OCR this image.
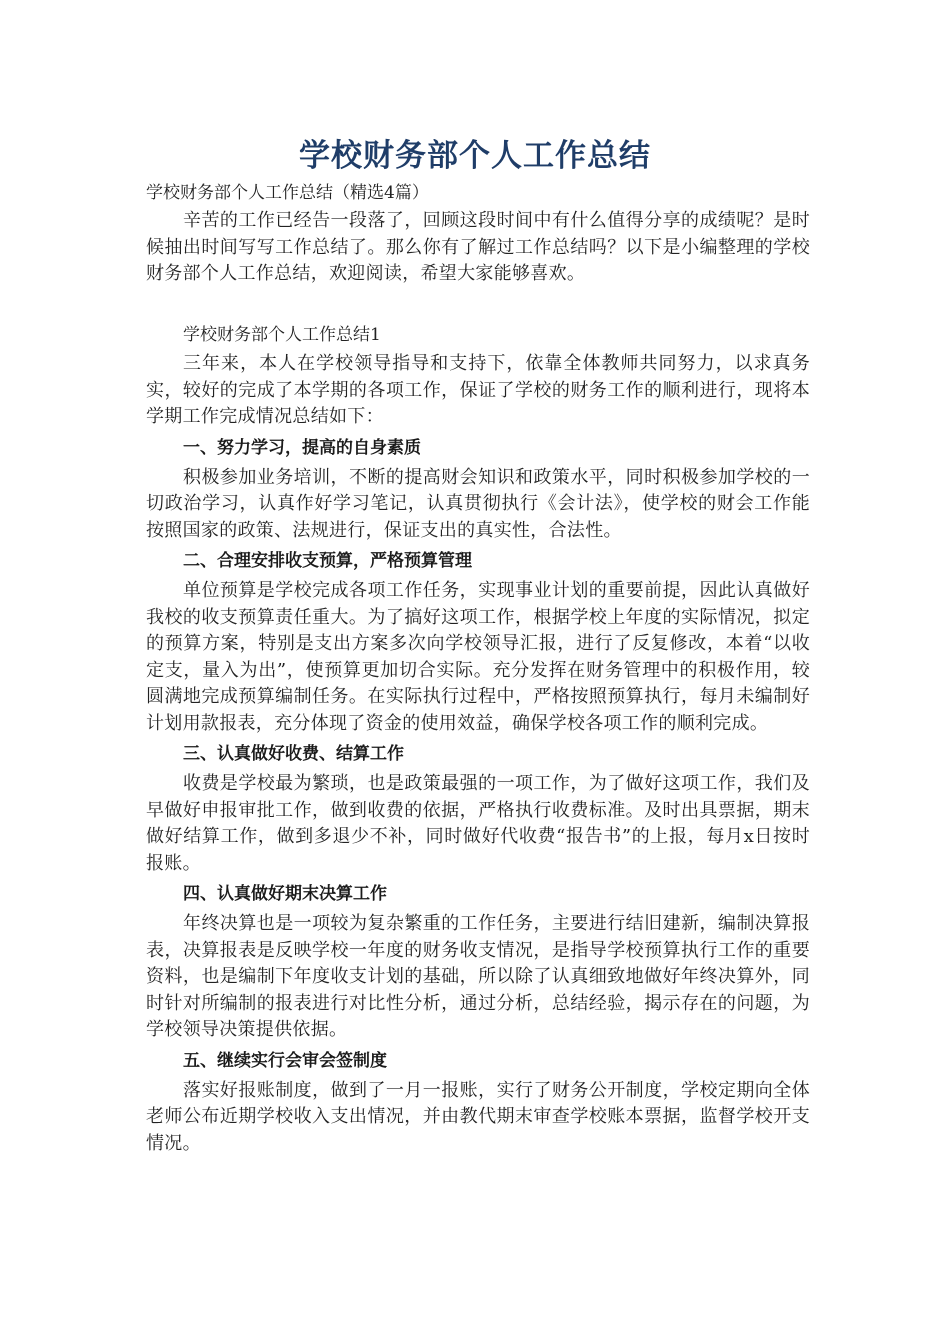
学校财务部个人工作总结
学校财务部个人工作总结（精选4篇）

辛苦的工作已经告一段落了，回顾这段时间中有什么值得分享的成绩呢？是时候抽出时间写写工作总结了。那么你有了解过工作总结吗？以下是小编整理的学校财务部个人工作总结，欢迎阅读，希望大家能够喜欢。

学校财务部个人工作总结1

三年来，本人在学校领导指导和支持下，依靠全体教师共同努力，以求真务实，较好的完成了本学期的各项工作，保证了学校的财务工作的顺利进行，现将本学期工作完成情况总结如下：

一、努力学习，提高的自身素质

积极参加业务培训，不断的提高财会知识和政策水平，同时积极参加学校的一切政治学习，认真作好学习笔记，认真贯彻执行《会计法》，使学校的财会工作能按照国家的政策、法规进行，保证支出的真实性，合法性。

二、合理安排收支预算，严格预算管理

单位预算是学校完成各项工作任务，实现事业计划的重要前提，因此认真做好我校的收支预算责任重大。为了搞好这项工作，根据学校上年度的实际情况，拟定的预算方案，特别是支出方案多次向学校领导汇报，进行了反复修改，本着“以收定支，量入为出”，使预算更加切合实际。充分发挥在财务管理中的积极作用，较圆满地完成预算编制任务。在实际执行过程中，严格按照预算执行，每月未编制好计划用款报表，充分体现了资金的使用效益，确保学校各项工作的顺利完成。

三、认真做好收费、结算工作

收费是学校最为繁琐，也是政策最强的一项工作，为了做好这项工作，我们及早做好申报审批工作，做到收费的依据，严格执行收费标准。及时出具票据，期末做好结算工作，做到多退少不补，同时做好代收费“报告书”的上报，每月x日按时报账。

四、认真做好期末决算工作

年终决算也是一项较为复杂繁重的工作任务，主要进行结旧建新，编制决算报表，决算报表是反映学校一年度的财务收支情况，是指导学校预算执行工作的重要资料，也是编制下年度收支计划的基础，所以除了认真细致地做好年终决算外，同时针对所编制的报表进行对比性分析，通过分析，总结经验，揭示存在的问题，为学校领导决策提供依据。

五、继续实行会审会签制度

落实好报账制度，做到了一月一报账，实行了财务公开制度，学校定期向全体老师公布近期学校收入支出情况，并由教代期末审查学校账本票据，监督学校开支情况。
